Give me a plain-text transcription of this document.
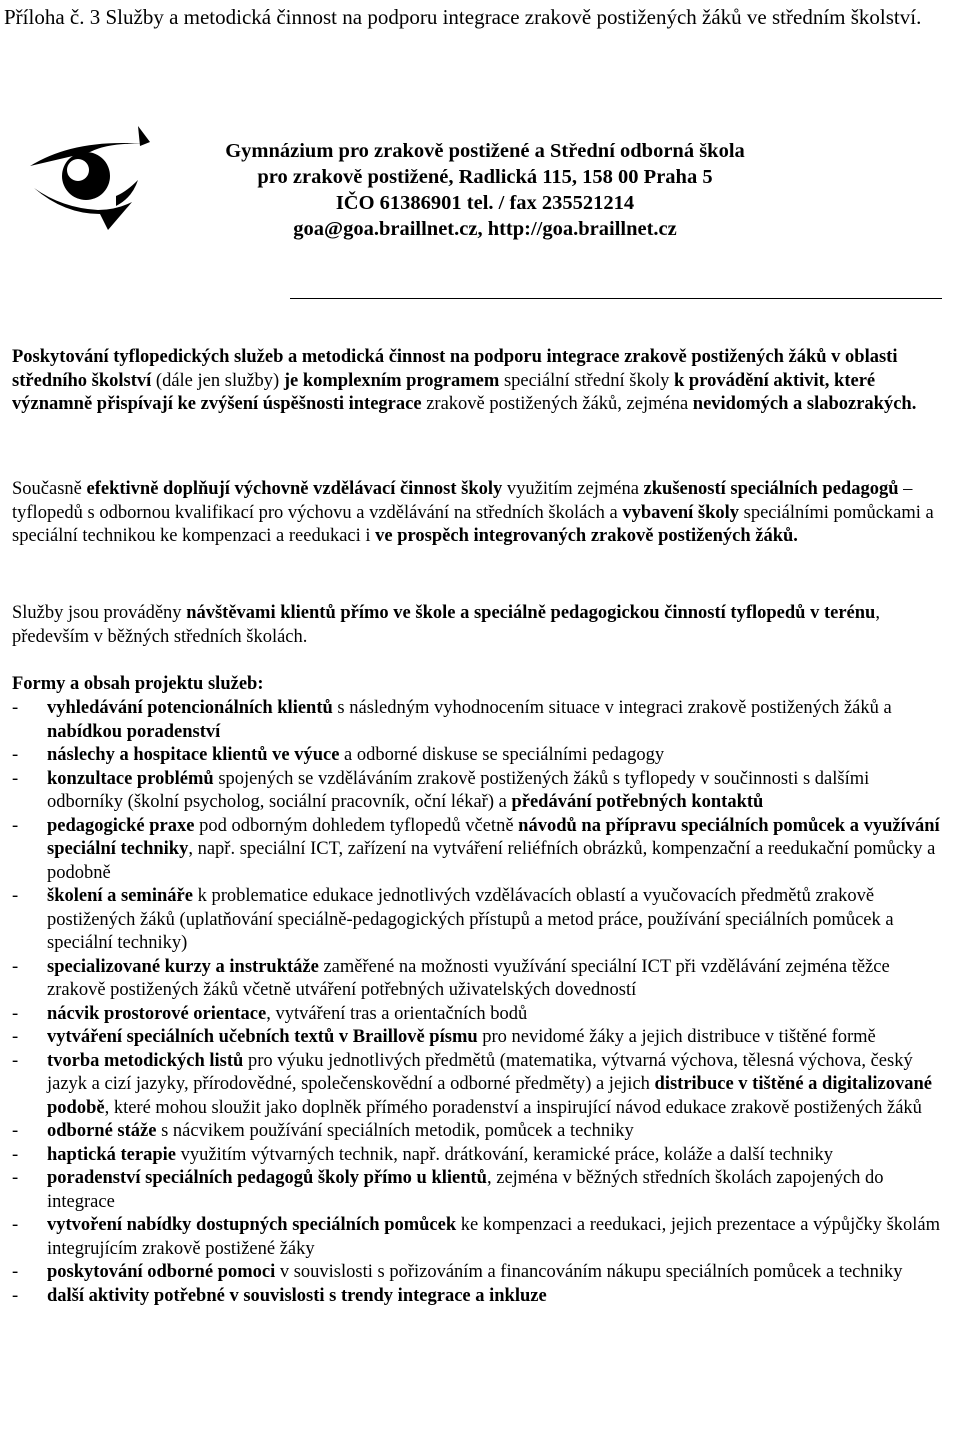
Příloha č. 3 Služby a metodická činnost na podporu integrace zrakově postižených žáků ve středním školství.
Gymnázium pro zrakově postižené a Střední odborná škola
pro zrakově postižené, Radlická 115, 158 00 Praha 5
IČO 61386901 tel. / fax 235521214
goa@goa.braillnet.cz, http://goa.braillnet.cz
Poskytování tyflopedických služeb a metodická činnost na podporu integrace zrakově postižených žáků v oblasti středního školství (dále jen služby) je komplexním programem speciální střední školy k provádění aktivit, které významně přispívají ke zvýšení úspěšnosti integrace zrakově postižených žáků, zejména nevidomých a slabozrakých.
Současně efektivně doplňují výchovně vzdělávací činnost školy využitím zejména zkušeností speciálních pedagogů – tyflopedů s odbornou kvalifikací pro výchovu a vzdělávání na středních školách a vybavení školy speciálními pomůckami a speciální technikou ke kompenzaci a reedukaci i ve prospěch integrovaných zrakově postižených žáků.
Služby jsou prováděny návštěvami klientů přímo ve škole a speciálně pedagogickou činností tyflopedů v terénu, především v běžných středních školách.
Formy a obsah projektu služeb:
- vyhledávání potencionálních klientů s následným vyhodnocením situace v integraci zrakově postižených žáků a nabídkou poradenství
- náslechy a hospitace klientů ve výuce a odborné diskuse se speciálními pedagogy
- konzultace problémů spojených se vzděláváním zrakově postižených žáků s tyflopedy v součinnosti s dalšími odborníky (školní psycholog, sociální pracovník, oční lékař) a předávání potřebných kontaktů
- pedagogické praxe pod odborným dohledem tyflopedů včetně návodů na přípravu speciálních pomůcek a využívání speciální techniky, např. speciální ICT, zařízení na vytváření reliéfních obrázků, kompenzační a reedukační pomůcky a podobně
- školení a semináře k problematice edukace jednotlivých vzdělávacích oblastí a vyučovacích předmětů zrakově postižených žáků (uplatňování speciálně-pedagogických přístupů a metod práce, používání speciálních pomůcek a speciální techniky)
- specializované kurzy a instruktáže zaměřené na možnosti využívání speciální ICT při vzdělávání zejména těžce zrakově postižených žáků včetně utváření potřebných uživatelských dovedností
- nácvik prostorové orientace, vytváření tras a orientačních bodů
- vytváření speciálních učebních textů v Braillově písmu pro nevidomé žáky a jejich distribuce v tištěné formě
- tvorba metodických listů pro výuku jednotlivých předmětů (matematika, výtvarná výchova, tělesná výchova, český jazyk a cizí jazyky, přírodovědné, společenskovědní a odborné předměty) a jejich distribuce v tištěné a digitalizované podobě, které mohou sloužit jako doplněk přímého poradenství a inspirující návod edukace zrakově postižených žáků
- odborné stáže s nácvikem používání speciálních metodik, pomůcek a techniky
- haptická terapie využitím výtvarných technik, např. drátkování, keramické práce, koláže a další techniky
- poradenství speciálních pedagogů školy přímo u klientů, zejména v běžných středních školách zapojených do integrace
- vytvoření nabídky dostupných speciálních pomůcek ke kompenzaci a reedukaci, jejich prezentace a výpůjčky školám integrujícím zrakově postižené žáky
- poskytování odborné pomoci v souvislosti s pořizováním a financováním nákupu speciálních pomůcek a techniky
- další aktivity potřebné v souvislosti s trendy integrace a inkluze
